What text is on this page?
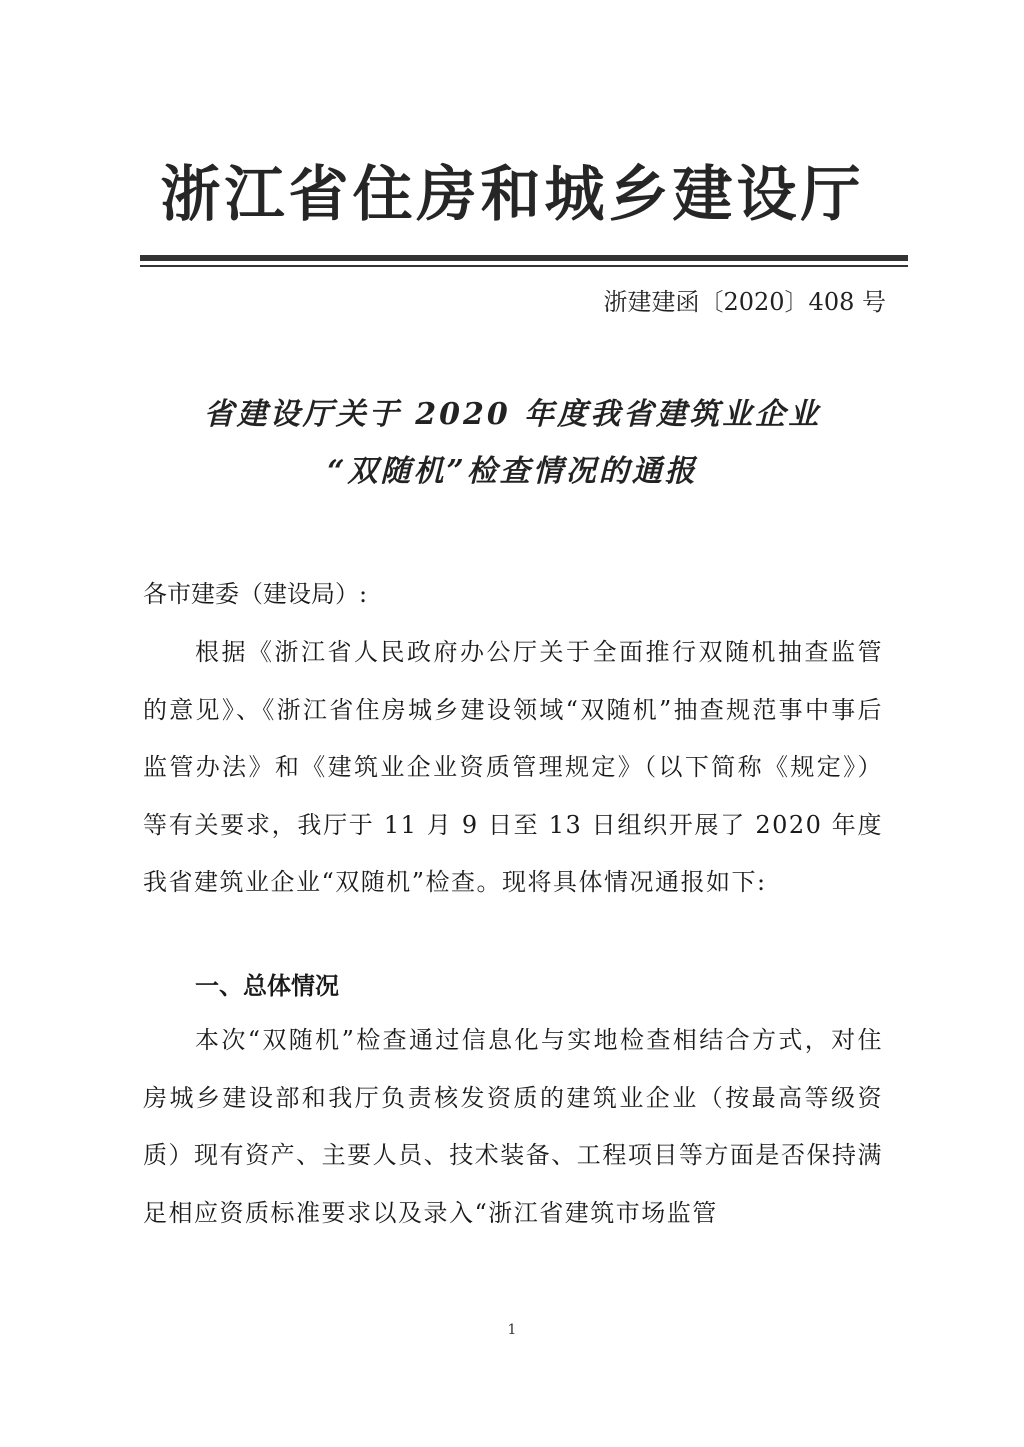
浙江省住房和城乡建设厅
浙建建函〔2020〕408 号
省建设厅关于 2020 年度我省建筑业企业
“双随机”检查情况的通报
各市建委（建设局）:
根据《浙江省人民政府办公厅关于全面推行双随机抽查监管的意见》、《浙江省住房城乡建设领域“双随机”抽查规范事中事后监管办法》和《建筑业企业资质管理规定》（以下简称《规定》）等有关要求，我厅于 11 月 9 日至 13 日组织开展了 2020 年度我省建筑业企业“双随机”检查。现将具体情况通报如下:
一、总体情况
本次“双随机”检查通过信息化与实地检查相结合方式，对住房城乡建设部和我厅负责核发资质的建筑业企业（按最高等级资质）现有资产、主要人员、技术装备、工程项目等方面是否保持满足相应资质标准要求以及录入“浙江省建筑市场监管
1
